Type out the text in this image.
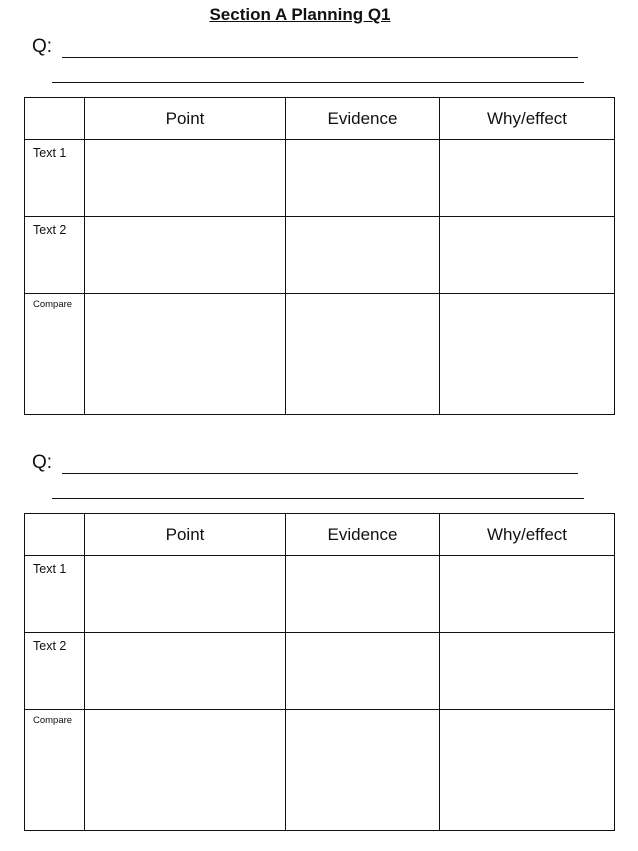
Section A Planning Q1
Q:
	Point	Evidence	Why/effect

Text 1			

Text 2			

Compare			

Q:
	Point	Evidence	Why/effect

Text 1			

Text 2			

Compare			
